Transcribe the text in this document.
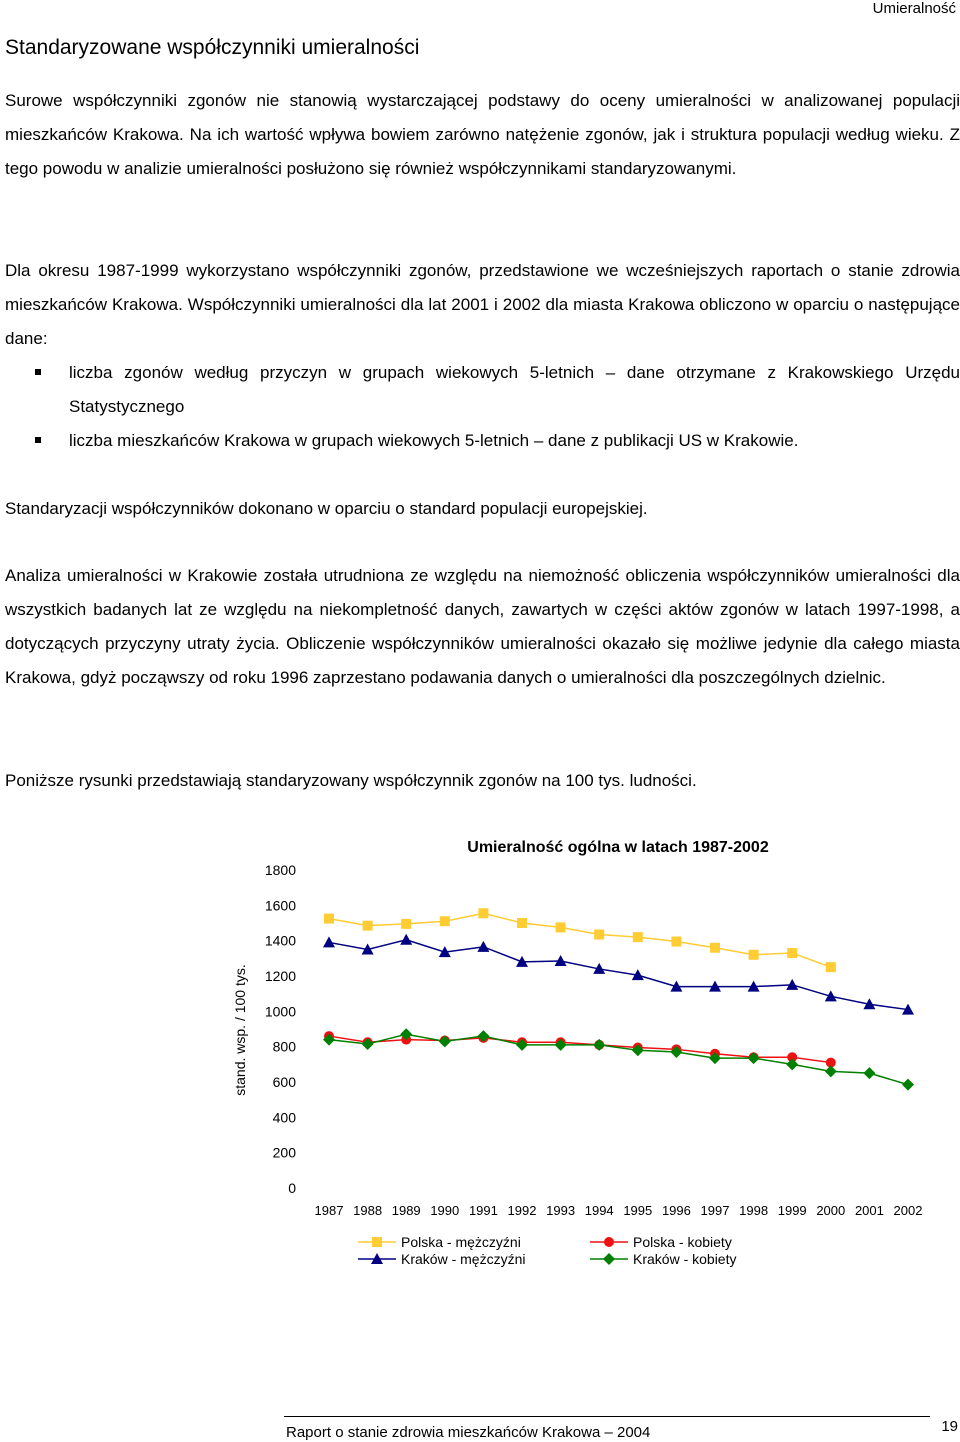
Umieralność
Standaryzowane współczynniki umieralności

Surowe współczynniki zgonów nie stanowią wystarczającej podstawy do oceny umieralności w analizowanej populacji mieszkańców Krakowa. Na ich wartość wpływa bowiem zarówno natężenie zgonów, jak i struktura populacji według wieku. Z tego powodu w analizie umieralności posłużono się również współczynnikami standaryzowanymi.

Dla okresu 1987-1999 wykorzystano współczynniki zgonów, przedstawione we wcześniejszych raportach o stanie zdrowia mieszkańców Krakowa. Współczynniki umieralności dla lat 2001 i 2002 dla miasta Krakowa obliczono w oparciu o następujące dane:

liczba zgonów według przyczyn w grupach wiekowych 5-letnich – dane otrzymane z Krakowskiego Urzędu Statystycznego
liczba mieszkańców Krakowa w grupach wiekowych 5-letnich – dane z publikacji US w Krakowie.

Standaryzacji współczynników dokonano w oparciu o standard populacji europejskiej.

Analiza umieralności w Krakowie została utrudniona ze względu na niemożność obliczenia współczynników umieralności dla wszystkich badanych lat ze względu na niekompletność danych, zawartych w części aktów zgonów w latach 1997-1998, a dotyczących przyczyny utraty życia. Obliczenie współczynników umieralności okazało się możliwe jedynie dla całego miasta Krakowa, gdyż począwszy od roku 1996 zaprzestano podawania danych o umieralności dla poszczególnych dzielnic.

Poniższe rysunki przedstawiają standaryzowany współczynnik zgonów na 100 tys. ludności.

Umieralność ogólna w latach 1987-2002
stand. wsp. / 100 tys.
0
200
400
600
800
1000
1200
1400
1600
1800
1987 1988 1989 1990 1991 1992 1993 1994 1995 1996 1997 1998 1999 2000 2001 2002
Polska - mężczyźni	Polska - kobiety
Kraków - mężczyźni	Kraków - kobiety
Raport o stanie zdrowia mieszkańców Krakowa – 2004	19
